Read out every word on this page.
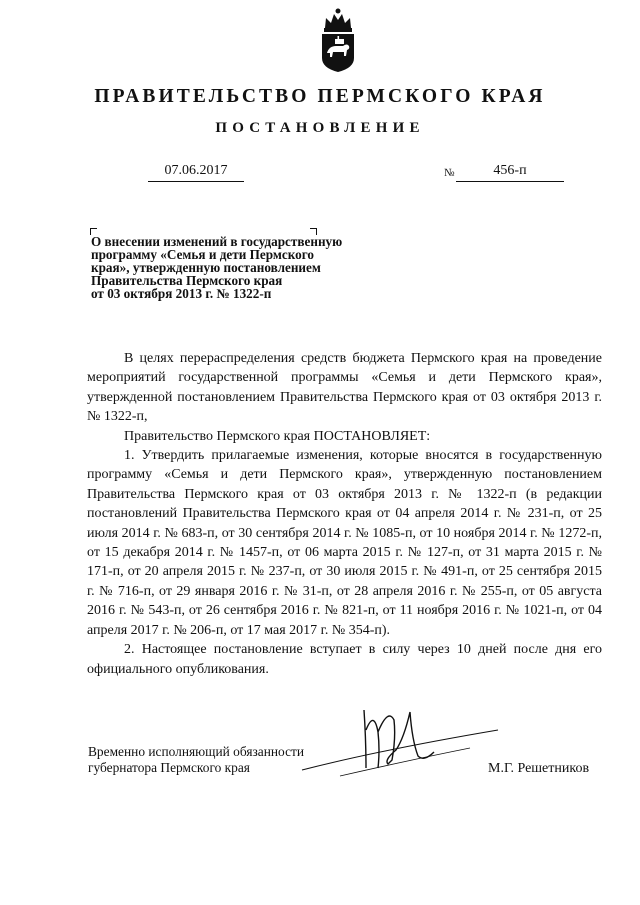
ПРАВИТЕЛЬСТВО ПЕРМСКОГО КРАЯ
ПОСТАНОВЛЕНИЕ
07.06.2017	№	456-п
О внесении изменений в государственную
программу «Семья и дети Пермского
края», утвержденную постановлением
Правительства Пермского края
от 03 октября 2013 г. № 1322-п

В целях перераспределения средств бюджета Пермского края на проведение мероприятий государственной программы «Семья и дети Пермского края», утвержденной постановлением Правительства Пермского края от 03 октября 2013 г. № 1322-п,

Правительство Пермского края ПОСТАНОВЛЯЕТ:

1. Утвердить прилагаемые изменения, которые вносятся в государственную программу «Семья и дети Пермского края», утвержденную постановлением Правительства Пермского края от 03 октября 2013 г. № 1322-п (в редакции постановлений Правительства Пермского края от 04 апреля 2014 г. № 231-п, от 25 июля 2014 г. № 683-п, от 30 сентября 2014 г. № 1085-п, от 10 ноября 2014 г. № 1272-п, от 15 декабря 2014 г. № 1457-п, от 06 марта 2015 г. № 127-п, от 31 марта 2015 г. № 171-п, от 20 апреля 2015 г. № 237-п, от 30 июля 2015 г. № 491-п, от 25 сентября 2015 г. № 716-п, от 29 января 2016 г. № 31-п, от 28 апреля 2016 г. № 255-п, от 05 августа 2016 г. № 543-п, от 26 сентября 2016 г. № 821-п, от 11 ноября 2016 г. № 1021-п, от 04 апреля 2017 г. № 206-п, от 17 мая 2017 г. № 354-п).

2. Настоящее постановление вступает в силу через 10 дней после дня его официального опубликования.

Временно исполняющий обязанности
губернатора Пермского края	М.Г. Решетников
